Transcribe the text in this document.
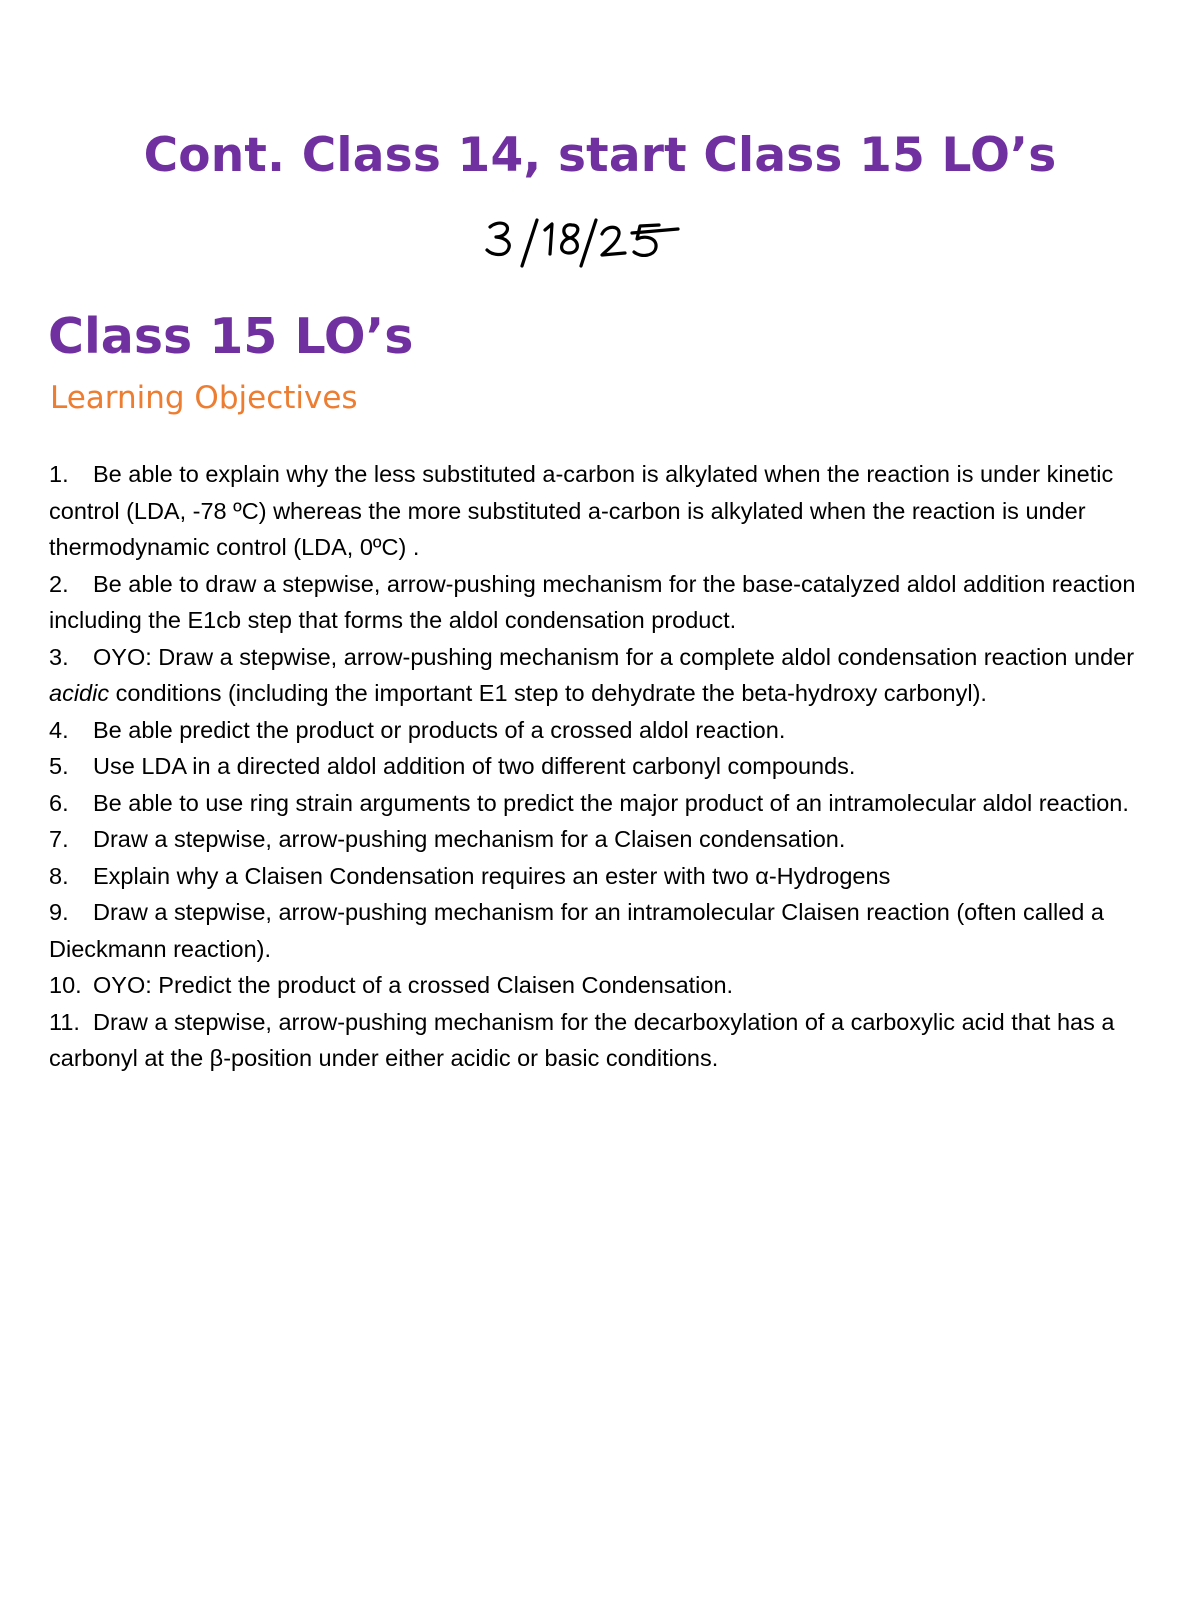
Cont. Class 14, start Class 15 LO’s
Class 15 LO’s
Learning Objectives
1. Be able to explain why the less substituted a-carbon is alkylated when the reaction is under kinetic control (LDA, -78 ºC) whereas the more substituted a-carbon is alkylated when the reaction is under thermodynamic control (LDA, 0ºC) .
2. Be able to draw a stepwise, arrow-pushing mechanism for the base-catalyzed aldol addition reaction including the E1cb step that forms the aldol condensation product.
3. OYO: Draw a stepwise, arrow-pushing mechanism for a complete aldol condensation reaction under acidic conditions (including the important E1 step to dehydrate the beta-hydroxy carbonyl).
4. Be able predict the product or products of a crossed aldol reaction.
5. Use LDA in a directed aldol addition of two different carbonyl compounds.
6. Be able to use ring strain arguments to predict the major product of an intramolecular aldol reaction.
7. Draw a stepwise, arrow-pushing mechanism for a Claisen condensation.
8. Explain why a Claisen Condensation requires an ester with two α-Hydrogens
9. Draw a stepwise, arrow-pushing mechanism for an intramolecular Claisen reaction (often called a Dieckmann reaction).
10. OYO: Predict the product of a crossed Claisen Condensation.
11. Draw a stepwise, arrow-pushing mechanism for the decarboxylation of a carboxylic acid that has a carbonyl at the β-position under either acidic or basic conditions.
